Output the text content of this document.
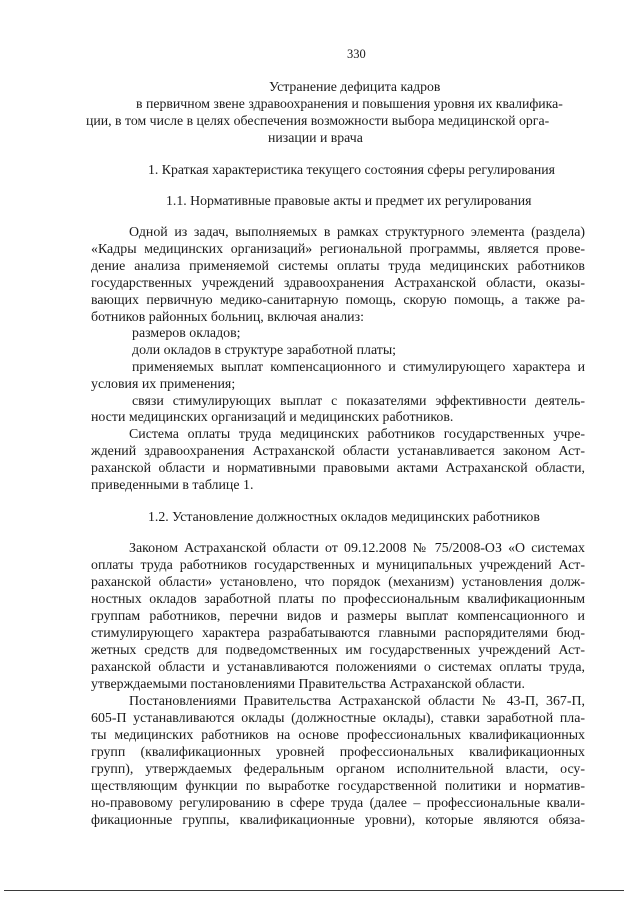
330
Устранение дефицита кадров
в первичном звене здравоохранения и повышения уровня их квалифика-
ции, в том числе в целях обеспечения возможности выбора медицинской орга-
низации и врача
1. Краткая характеристика текущего состояния сферы регулирования
1.1. Нормативные правовые акты и предмет их регулирования
Одной из задач, выполняемых в рамках структурного элемента (раздела)
«Кадры медицинских организаций» региональной программы, является прове-
дение анализа применяемой системы оплаты труда медицинских работников
государственных учреждений здравоохранения Астраханской области, оказы-
вающих первичную медико-санитарную помощь, скорую помощь, а также ра-
ботников районных больниц, включая анализ:
размеров окладов;
доли окладов в структуре заработной платы;
применяемых выплат компенсационного и стимулирующего характера и
условия их применения;
связи стимулирующих выплат с показателями эффективности деятель-
ности медицинских организаций и медицинских работников.
Система оплаты труда медицинских работников государственных учре-
ждений здравоохранения Астраханской области устанавливается законом Аст-
раханской области и нормативными правовыми актами Астраханской области,
приведенными в таблице 1.
1.2. Установление должностных окладов медицинских работников
Законом Астраханской области от 09.12.2008 № 75/2008-ОЗ «О системах
оплаты труда работников государственных и муниципальных учреждений Аст-
раханской области» установлено, что порядок (механизм) установления долж-
ностных окладов заработной платы по профессиональным квалификационным
группам работников, перечни видов и размеры выплат компенсационного и
стимулирующего характера разрабатываются главными распорядителями бюд-
жетных средств для подведомственных им государственных учреждений Аст-
раханской области и устанавливаются положениями о системах оплаты труда,
утверждаемыми постановлениями Правительства Астраханской области.
Постановлениями Правительства Астраханской области № 43-П, 367-П,
605-П устанавливаются оклады (должностные оклады), ставки заработной пла-
ты медицинских работников на основе профессиональных квалификационных
групп (квалификационных уровней профессиональных квалификационных
групп), утверждаемых федеральным органом исполнительной власти, осу-
ществляющим функции по выработке государственной политики и норматив-
но-правовому регулированию в сфере труда (далее – профессиональные квали-
фикационные группы, квалификационные уровни), которые являются обяза-
